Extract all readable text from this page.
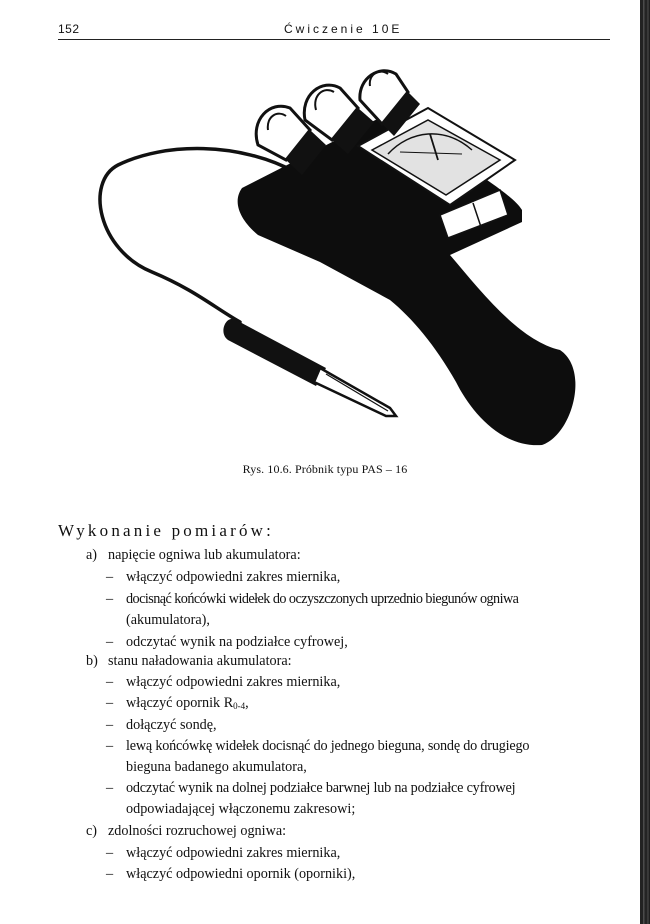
152	Ćwiczenie 10E
Rys. 10.6. Próbnik typu PAS – 16
Wykonanie pomiarów:
a) napięcie ogniwa lub akumulatora:
– włączyć odpowiedni zakres miernika,
– docisnąć końcówki widełek do oczyszczonych uprzednio biegunów ogniwa
(akumulatora),
– odczytać wynik na podziałce cyfrowej,
b) stanu naładowania akumulatora:
– włączyć odpowiedni zakres miernika,
– włączyć opornik $R_{0-4}$,
– dołączyć sondę,
– lewą końcówkę widełek docisnąć do jednego bieguna, sondę do drugiego
bieguna badanego akumulatora,
– odczytać wynik na dolnej podziałce barwnej lub na podziałce cyfrowej
odpowiadającej włączonemu zakresowi;
c) zdolności rozruchowej ogniwa:
– włączyć odpowiedni zakres miernika,
– włączyć odpowiedni opornik (oporniki),
